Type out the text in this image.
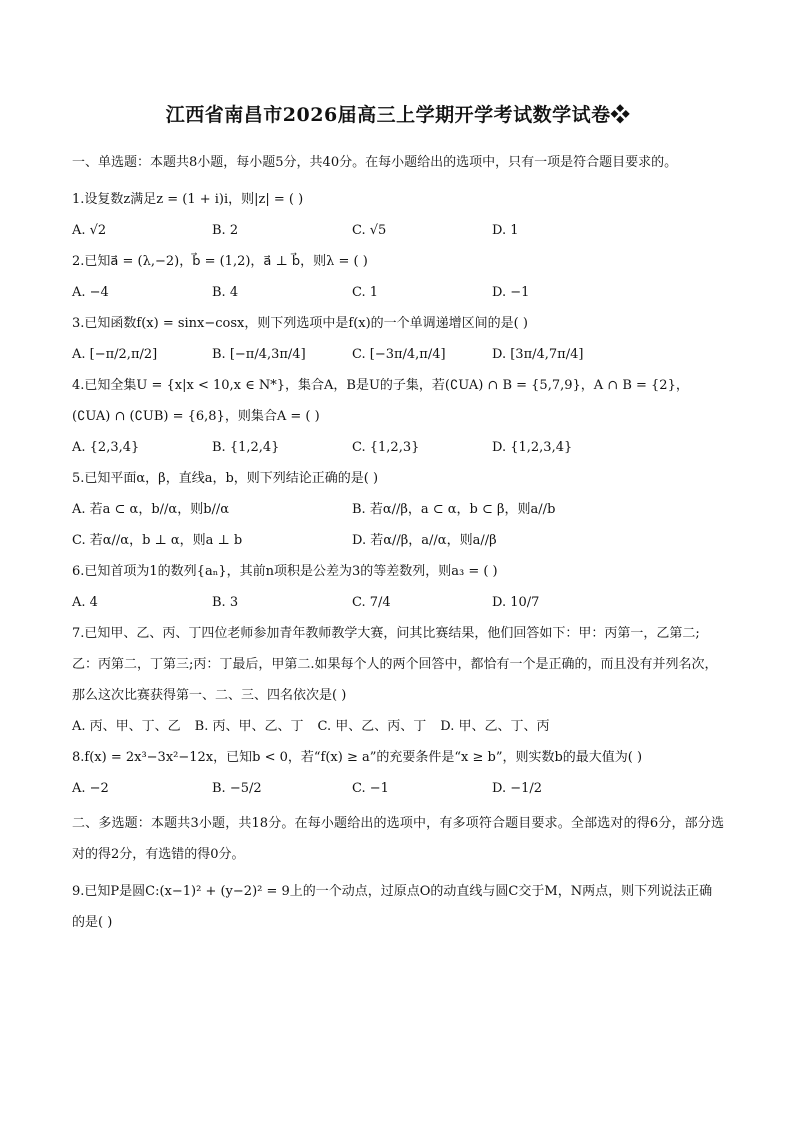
江西省南昌市2026届高三上学期开学考试数学试卷❖
一、单选题：本题共8小题，每小题5分，共40分。在每小题给出的选项中，只有一项是符合题目要求的。
1.设复数z满足z = (1 + i)i，则|z| = ( )
A. √2	B. 2	C. √5	D. 1
2.已知a⃗ = (λ,−2)，b⃗ = (1,2)，a⃗ ⊥ b⃗，则λ = ( )
A. −4	B. 4	C. 1	D. −1
3.已知函数f(x) = sinx−cosx，则下列选项中是f(x)的一个单调递增区间的是( )
A. [−π/2,π/2]	B. [−π/4,3π/4]	C. [−3π/4,π/4]	D. [3π/4,7π/4]
4.已知全集U = {x|x < 10,x ∈ N*}，集合A，B是U的子集，若(∁UA) ∩ B = {5,7,9}，A ∩ B = {2}，
(∁UA) ∩ (∁UB) = {6,8}，则集合A = ( )
A. {2,3,4}	B. {1,2,4}	C. {1,2,3}	D. {1,2,3,4}
5.已知平面α，β，直线a，b，则下列结论正确的是( )
A. 若a ⊂ α，b//α，则b//α	B. 若α//β，a ⊂ α，b ⊂ β，则a//b
C. 若α//α，b ⊥ α，则a ⊥ b	D. 若α//β，a//α，则a//β
6.已知首项为1的数列{aₙ}，其前n项积是公差为3的等差数列，则a₃ = ( )
A. 4	B. 3	C. 7/4	D. 10/7
7.已知甲、乙、丙、丁四位老师参加青年教师教学大赛，问其比赛结果，他们回答如下：甲：丙第一，乙第二;乙：丙第二，丁第三;丙：丁最后，甲第二.如果每个人的两个回答中，都恰有一个是正确的，而且没有并列名次，那么这次比赛获得第一、二、三、四名依次是( )
A. 丙、甲、丁、乙 B. 丙、甲、乙、丁 C. 甲、乙、丙、丁 D. 甲、乙、丁、丙
8.f(x) = 2x³−3x²−12x，已知b < 0，若“f(x) ≥ a”的充要条件是“x ≥ b”，则实数b的最大值为( )
A. −2	B. −5/2	C. −1	D. −1/2
二、多选题：本题共3小题，共18分。在每小题给出的选项中，有多项符合题目要求。全部选对的得6分，部分选对的得2分，有选错的得0分。
9.已知P是圆C:(x−1)² + (y−2)² = 9上的一个动点，过原点O的动直线与圆C交于M，N两点，则下列说法正确的是( )
